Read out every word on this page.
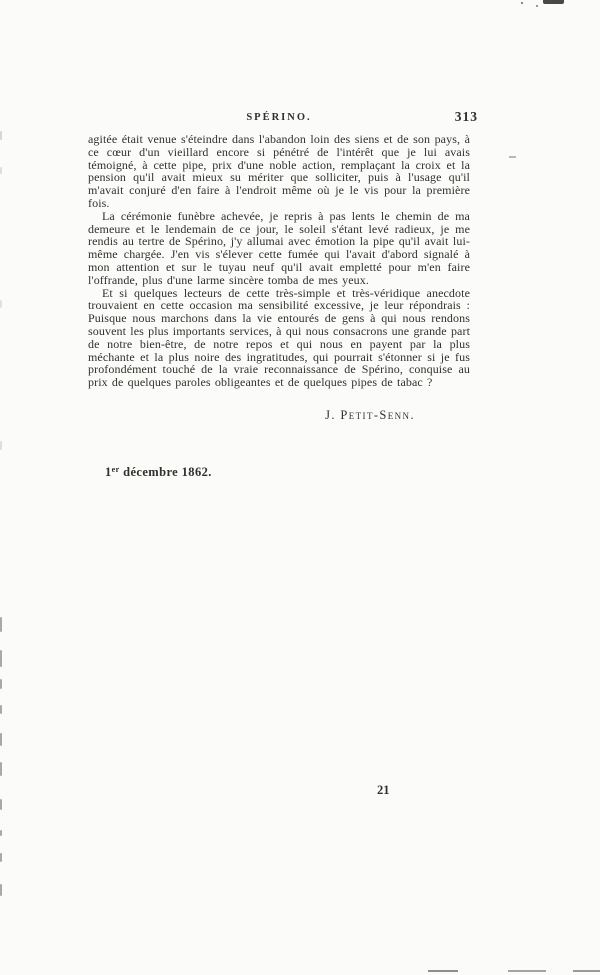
SPÉRINO.	313

agitée était venue s'éteindre dans l'abandon loin des siens et de son pays, à ce cœur d'un vieillard encore si pénétré de l'intérêt que je lui avais témoigné, à cette pipe, prix d'une noble action, remplaçant la croix et la pension qu'il avait mieux su mériter que solliciter, puis à l'usage qu'il m'avait conjuré d'en faire à l'endroit même où je le vis pour la première fois.

La cérémonie funèbre achevée, je repris à pas lents le chemin de ma demeure et le lendemain de ce jour, le soleil s'étant levé radieux, je me rendis au tertre de Spérino, j'y allumai avec émotion la pipe qu'il avait lui-même chargée. J'en vis s'élever cette fumée qui l'avait d'abord signalé à mon attention et sur le tuyau neuf qu'il avait empletté pour m'en faire l'offrande, plus d'une larme sincère tomba de mes yeux.

Et si quelques lecteurs de cette très-simple et très-véridique anecdote trouvaient en cette occasion ma sensibilité excessive, je leur répondrais : Puisque nous marchons dans la vie entourés de gens à qui nous rendons souvent les plus importants services, à qui nous consacrons une grande part de notre bien-être, de notre repos et qui nous en payent par la plus méchante et la plus noire des ingratitudes, qui pourrait s'étonner si je fus profondément touché de la vraie reconnaissance de Spérino, conquise au prix de quelques paroles obligeantes et de quelques pipes de tabac ?

J. Petit-Senn.
1er décembre 1862.
21
